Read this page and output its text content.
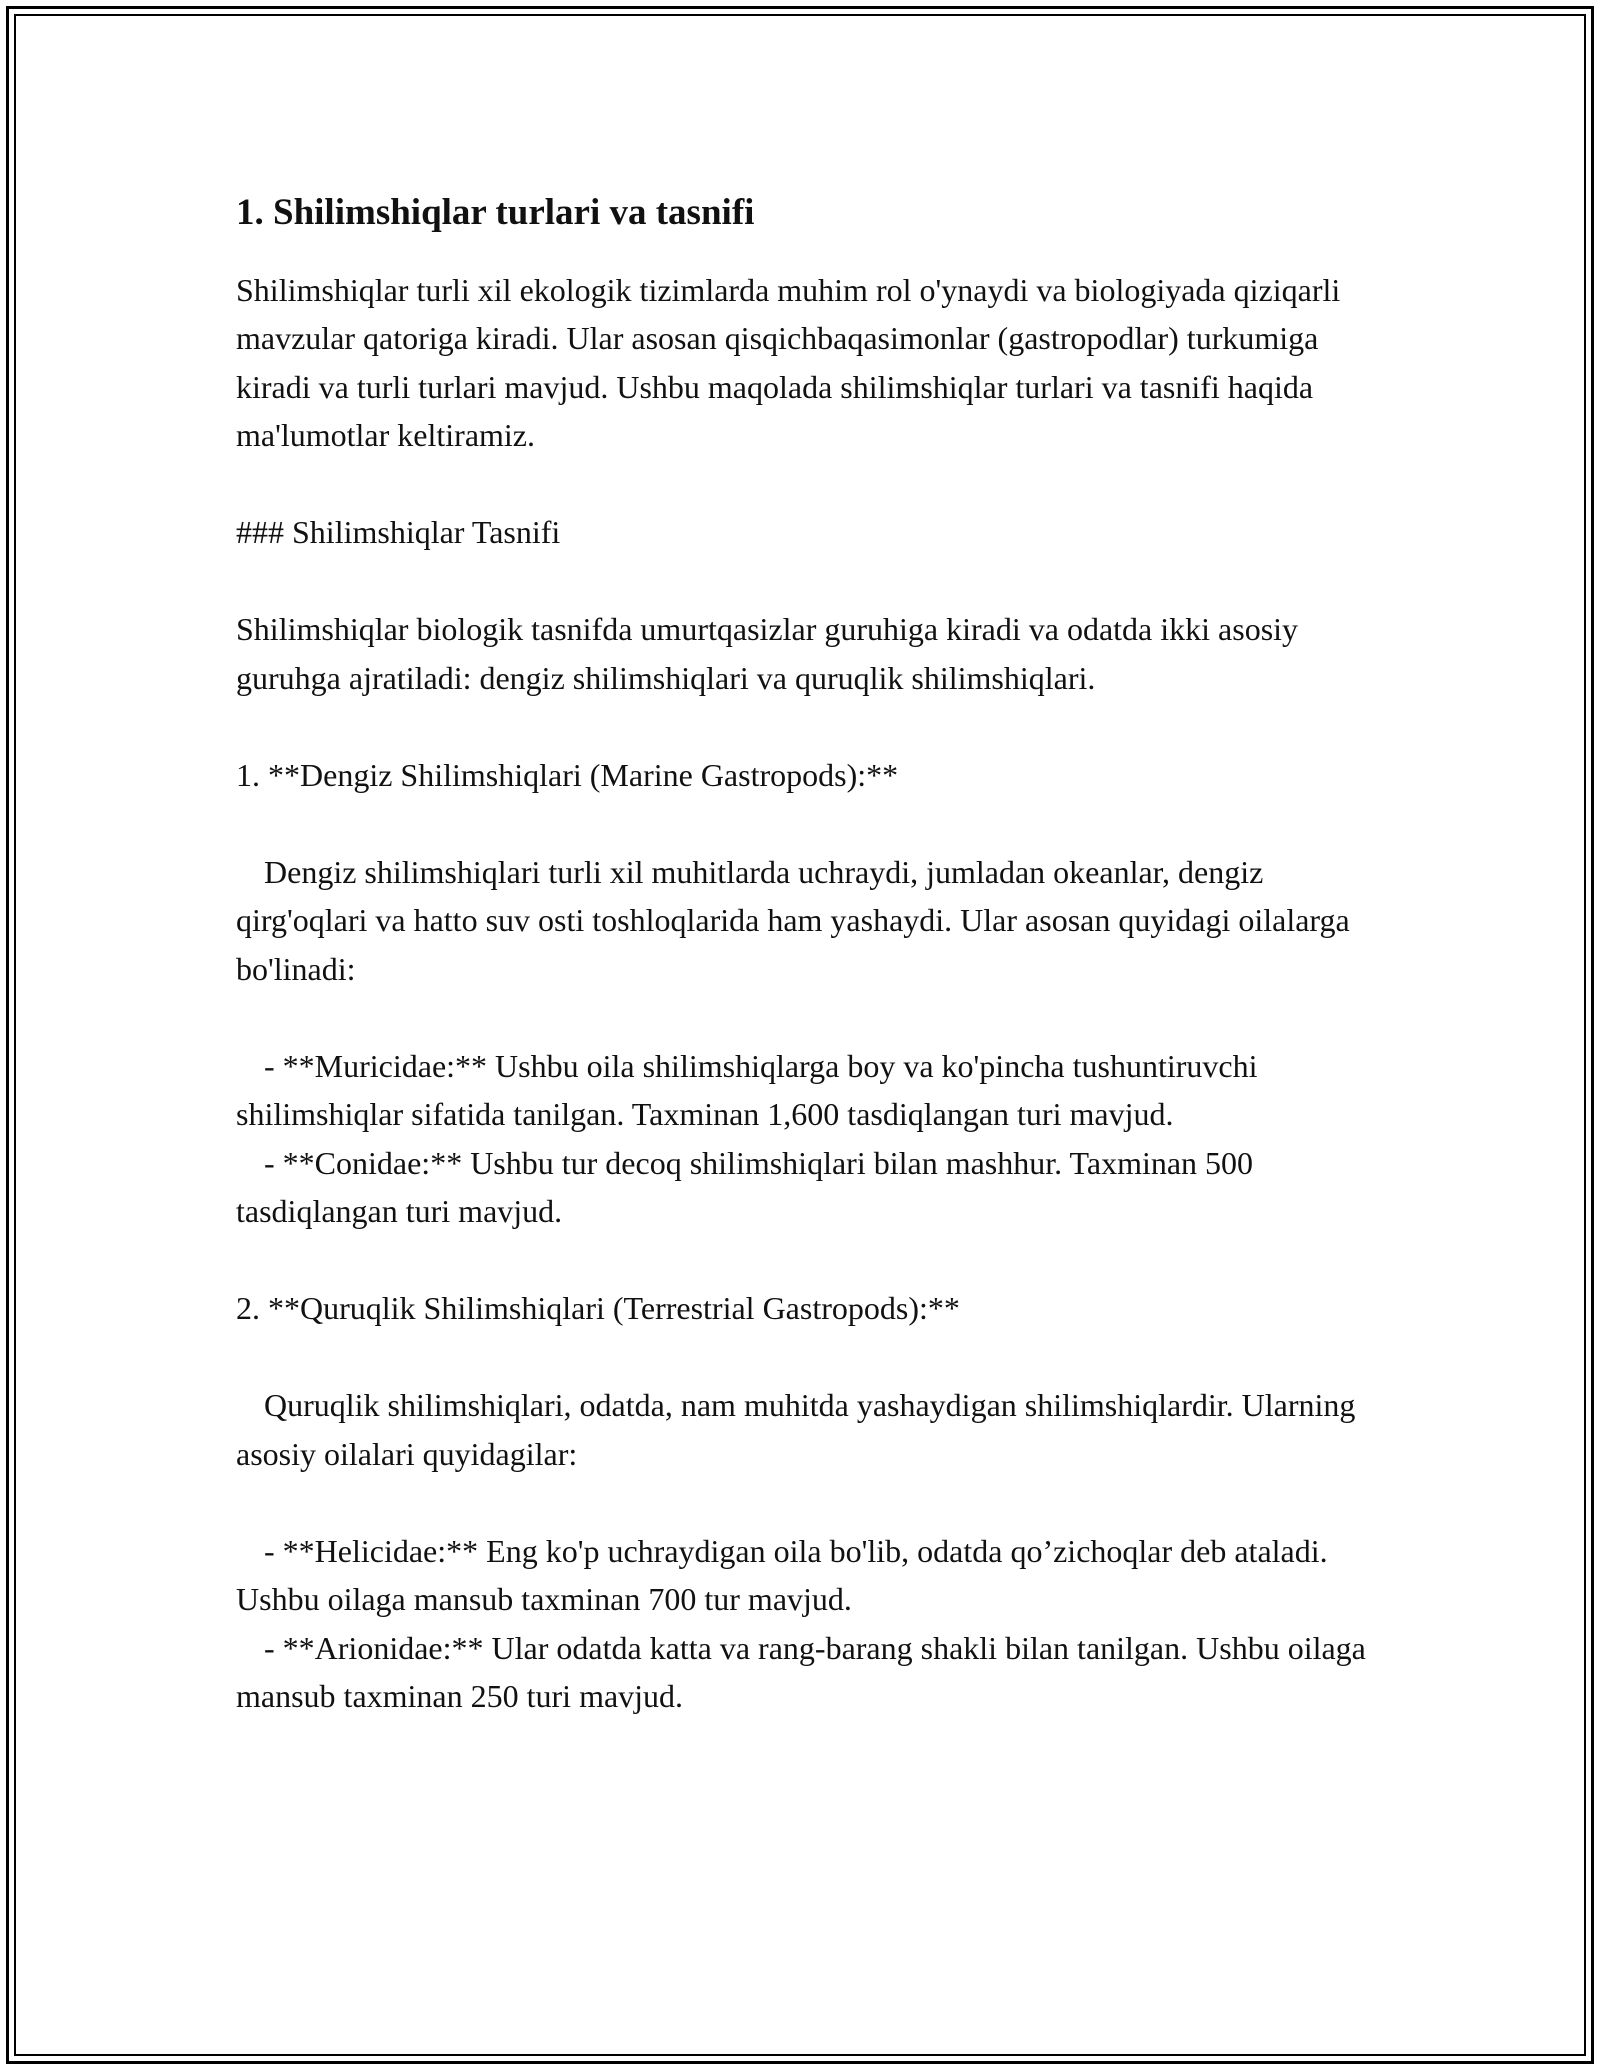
1. Shilimshiqlar turlari va tasnifi

Shilimshiqlar turli xil ekologik tizimlarda muhim rol o'ynaydi va biologiyada qiziqarli mavzular qatoriga kiradi. Ular asosan qisqichbaqasimonlar (gastropodlar) turkumiga kiradi va turli turlari mavjud. Ushbu maqolada shilimshiqlar turlari va tasnifi haqida ma'lumotlar keltiramiz.

### Shilimshiqlar Tasnifi

Shilimshiqlar biologik tasnifda umurtqasizlar guruhiga kiradi va odatda ikki asosiy guruhga ajratiladi: dengiz shilimshiqlari va quruqlik shilimshiqlari.

1. **Dengiz Shilimshiqlari (Marine Gastropods):**

Dengiz shilimshiqlari turli xil muhitlarda uchraydi, jumladan okeanlar, dengiz qirg'oqlari va hatto suv osti toshloqlarida ham yashaydi. Ular asosan quyidagi oilalarga bo'linadi:

- **Muricidae:** Ushbu oila shilimshiqlarga boy va ko'pincha tushuntiruvchi shilimshiqlar sifatida tanilgan. Taxminan 1,600 tasdiqlangan turi mavjud.

- **Conidae:** Ushbu tur decoq shilimshiqlari bilan mashhur. Taxminan 500 tasdiqlangan turi mavjud.

2. **Quruqlik Shilimshiqlari (Terrestrial Gastropods):**

Quruqlik shilimshiqlari, odatda, nam muhitda yashaydigan shilimshiqlardir. Ularning asosiy oilalari quyidagilar:

- **Helicidae:** Eng ko'p uchraydigan oila bo'lib, odatda qo’zichoqlar deb ataladi. Ushbu oilaga mansub taxminan 700 tur mavjud.

- **Arionidae:** Ular odatda katta va rang-barang shakli bilan tanilgan. Ushbu oilaga mansub taxminan 250 turi mavjud.
